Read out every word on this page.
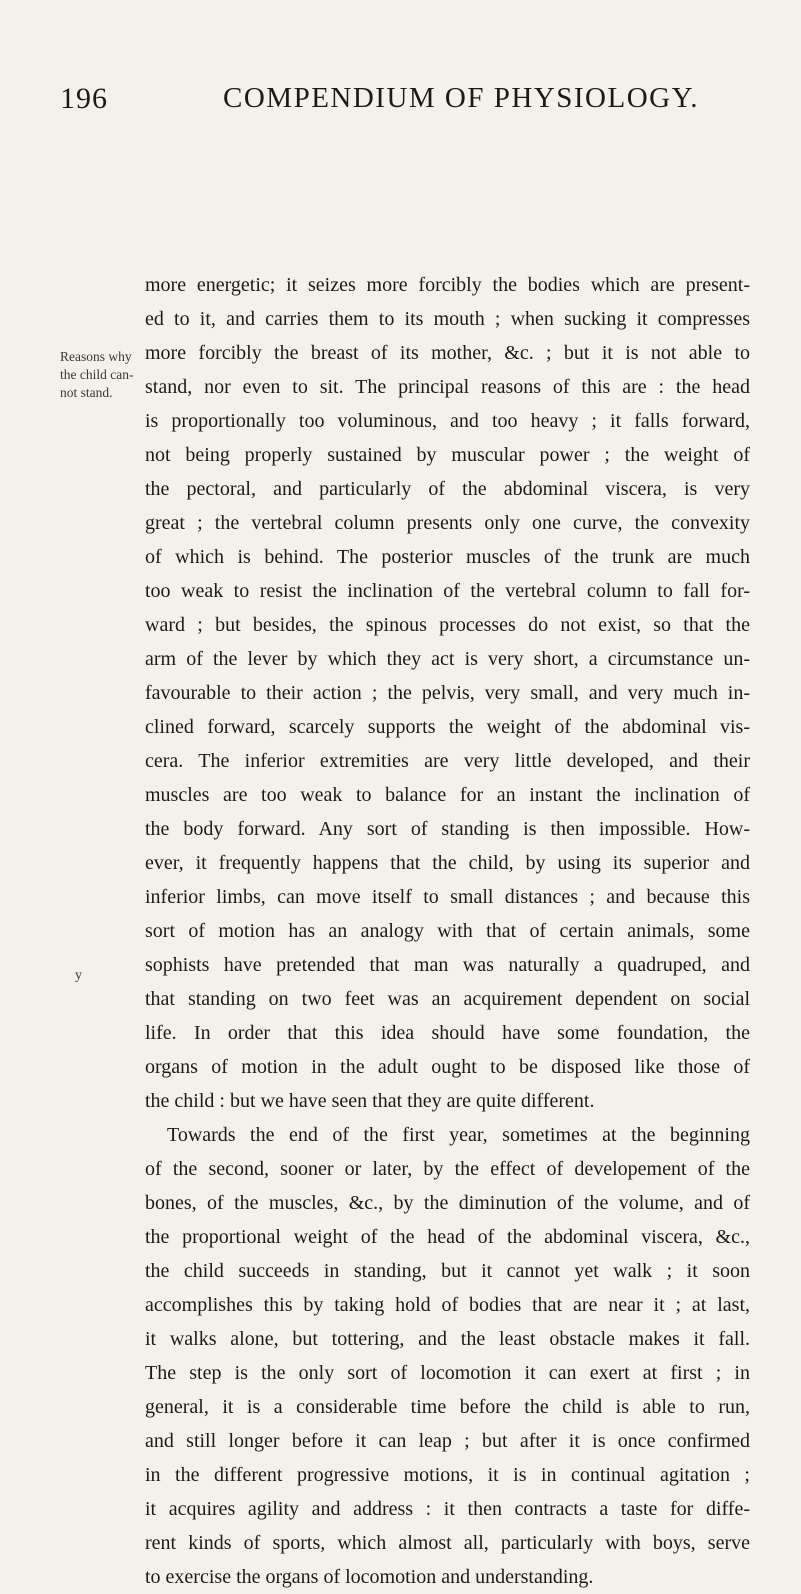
196	COMPENDIUM OF PHYSIOLOGY.
Reasons why
the child can-
not stand.
y
more energetic; it seizes more forcibly the bodies which are present-
ed to it, and carries them to its mouth ; when sucking it compresses
more forcibly the breast of its mother, &c. ; but it is not able to
stand, nor even to sit. The principal reasons of this are : the head
is proportionally too voluminous, and too heavy ; it falls forward,
not being properly sustained by muscular power ; the weight of
the pectoral, and particularly of the abdominal viscera, is very
great ; the vertebral column presents only one curve, the convexity
of which is behind. The posterior muscles of the trunk are much
too weak to resist the inclination of the vertebral column to fall for-
ward ; but besides, the spinous processes do not exist, so that the
arm of the lever by which they act is very short, a circumstance un-
favourable to their action ; the pelvis, very small, and very much in-
clined forward, scarcely supports the weight of the abdominal vis-
cera. The inferior extremities are very little developed, and their
muscles are too weak to balance for an instant the inclination of
the body forward. Any sort of standing is then impossible. How-
ever, it frequently happens that the child, by using its superior and
inferior limbs, can move itself to small distances ; and because this
sort of motion has an analogy with that of certain animals, some
sophists have pretended that man was naturally a quadruped, and
that standing on two feet was an acquirement dependent on social
life. In order that this idea should have some foundation, the
organs of motion in the adult ought to be disposed like those of
the child : but we have seen that they are quite different.
Towards the end of the first year, sometimes at the beginning
of the second, sooner or later, by the effect of developement of the
bones, of the muscles, &c., by the diminution of the volume, and of
the proportional weight of the head of the abdominal viscera, &c.,
the child succeeds in standing, but it cannot yet walk ; it soon
accomplishes this by taking hold of bodies that are near it ; at last,
it walks alone, but tottering, and the least obstacle makes it fall.
The step is the only sort of locomotion it can exert at first ; in
general, it is a considerable time before the child is able to run,
and still longer before it can leap ; but after it is once confirmed
in the different progressive motions, it is in continual agitation ;
it acquires agility and address : it then contracts a taste for diffe-
rent kinds of sports, which almost all, particularly with boys, serve
to exercise the organs of locomotion and understanding.
